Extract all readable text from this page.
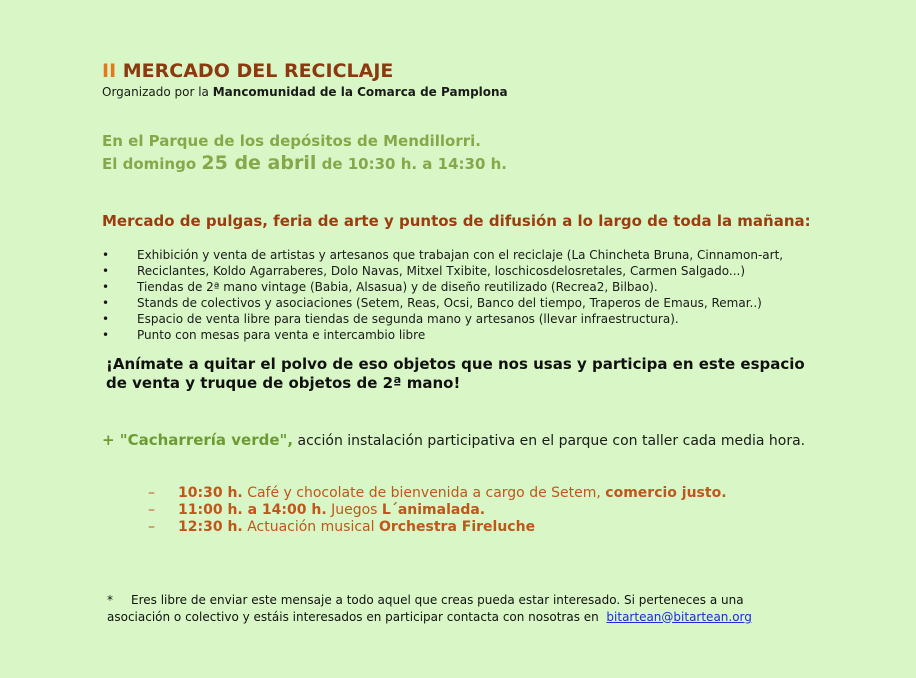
II MERCADO DEL RECICLAJE

Organizado por la Mancomunidad de la Comarca de Pamplona

En el Parque de los depósitos de Mendillorri.
El domingo 25 de abril de 10:30 h. a 14:30 h.
Mercado de pulgas, feria de arte y puntos de difusión a lo largo de toda la mañana:
• Exhibición y venta de artistas y artesanos que trabajan con el reciclaje (La Chincheta Bruna, Cinnamon-art,
• Reciclantes, Koldo Agarraberes, Dolo Navas, Mitxel Txibite, loschicosdelosretales, Carmen Salgado...)
• Tiendas de 2ª mano vintage (Babia, Alsasua) y de diseño reutilizado (Recrea2, Bilbao).
• Stands de colectivos y asociaciones (Setem, Reas, Ocsi, Banco del tiempo, Traperos de Emaus, Remar..)
• Espacio de venta libre para tiendas de segunda mano y artesanos (llevar infraestructura).
• Punto con mesas para venta e intercambio libre
¡Anímate a quitar el polvo de eso objetos que nos usas y participa en este espacio
de venta y truque de objetos de 2ª mano!
+ "Cacharrería verde", acción instalación participativa en el parque con taller cada media hora.
– 10:30 h. Café y chocolate de bienvenida a cargo de Setem, comercio justo.
– 11:00 h. a 14:00 h. Juegos L´animalada.
– 12:30 h. Actuación musical Orchestra Fireluche
* Eres libre de enviar este mensaje a todo aquel que creas pueda estar interesado. Si perteneces a una
asociación o colectivo y estáis interesados en participar contacta con nosotras en bitartean@bitartean.org
